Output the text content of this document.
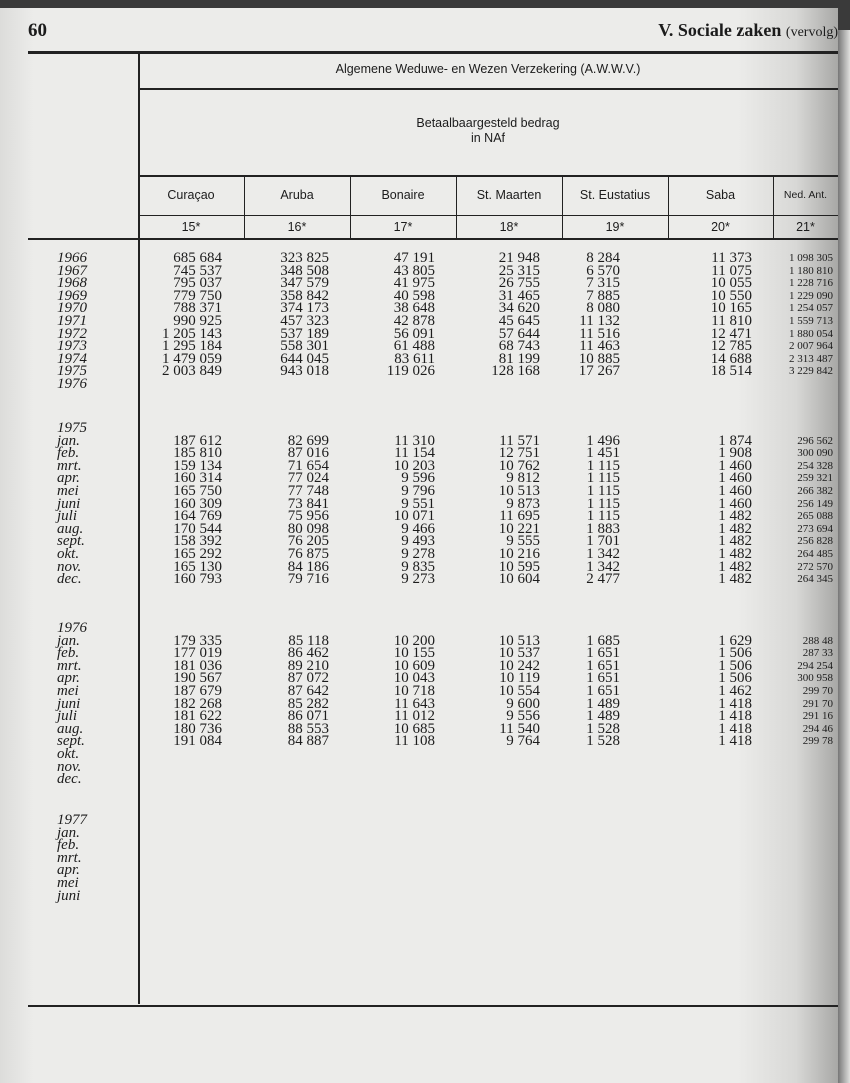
60	V. Sociale zaken (vervolg)
Algemene Weduwe- en Wezen Verzekering (A.W.W.V.)
Betaalbaargesteld bedrag
in NAf
Curaçao
15*
Aruba
16*
Bonaire
17*
St. Maarten
18*
St. Eustatius
19*
Saba
20*
Ned. Ant.
21*
1966	685 684	323 825	47 191	21 948	8 284	11 373	1 098 305
1967	745 537	348 508	43 805	25 315	6 570	11 075	1 180 810
1968	795 037	347 579	41 975	26 755	7 315	10 055	1 228 716
1969	779 750	358 842	40 598	31 465	7 885	10 550	1 229 090
1970	788 371	374 173	38 648	34 620	8 080	10 165	1 254 057
1971	990 925	457 323	42 878	45 645	11 132	11 810	1 559 713
1972	1 205 143	537 189	56 091	57 644	11 516	12 471	1 880 054
1973	1 295 184	558 301	61 488	68 743	11 463	12 785	2 007 964
1974	1 479 059	644 045	83 611	81 199	10 885	14 688	2 313 487
1975	2 003 849	943 018	119 026	128 168	17 267	18 514	3 229 842
1976
1975
jan.	187 612	82 699	11 310	11 571	1 496	1 874	296 562
feb.	185 810	87 016	11 154	12 751	1 451	1 908	300 090
mrt.	159 134	71 654	10 203	10 762	1 115	1 460	254 328
apr.	160 314	77 024	9 596	9 812	1 115	1 460	259 321
mei	165 750	77 748	9 796	10 513	1 115	1 460	266 382
juni	160 309	73 841	9 551	9 873	1 115	1 460	256 149
juli	164 769	75 956	10 071	11 695	1 115	1 482	265 088
aug.	170 544	80 098	9 466	10 221	1 883	1 482	273 694
sept.	158 392	76 205	9 493	9 555	1 701	1 482	256 828
okt.	165 292	76 875	9 278	10 216	1 342	1 482	264 485
nov.	165 130	84 186	9 835	10 595	1 342	1 482	272 570
dec.	160 793	79 716	9 273	10 604	2 477	1 482	264 345
1976
jan.	179 335	85 118	10 200	10 513	1 685	1 629	288 48
feb.	177 019	86 462	10 155	10 537	1 651	1 506	287 33
mrt.	181 036	89 210	10 609	10 242	1 651	1 506	294 254
apr.	190 567	87 072	10 043	10 119	1 651	1 506	300 958
mei	187 679	87 642	10 718	10 554	1 651	1 462	299 70
juni	182 268	85 282	11 643	9 600	1 489	1 418	291 70
juli	181 622	86 071	11 012	9 556	1 489	1 418	291 16
aug.	180 736	88 553	10 685	11 540	1 528	1 418	294 46
sept.	191 084	84 887	11 108	9 764	1 528	1 418	299 78
okt.
nov.
dec.
1977
jan.
feb.
mrt.
apr.
mei
juni
